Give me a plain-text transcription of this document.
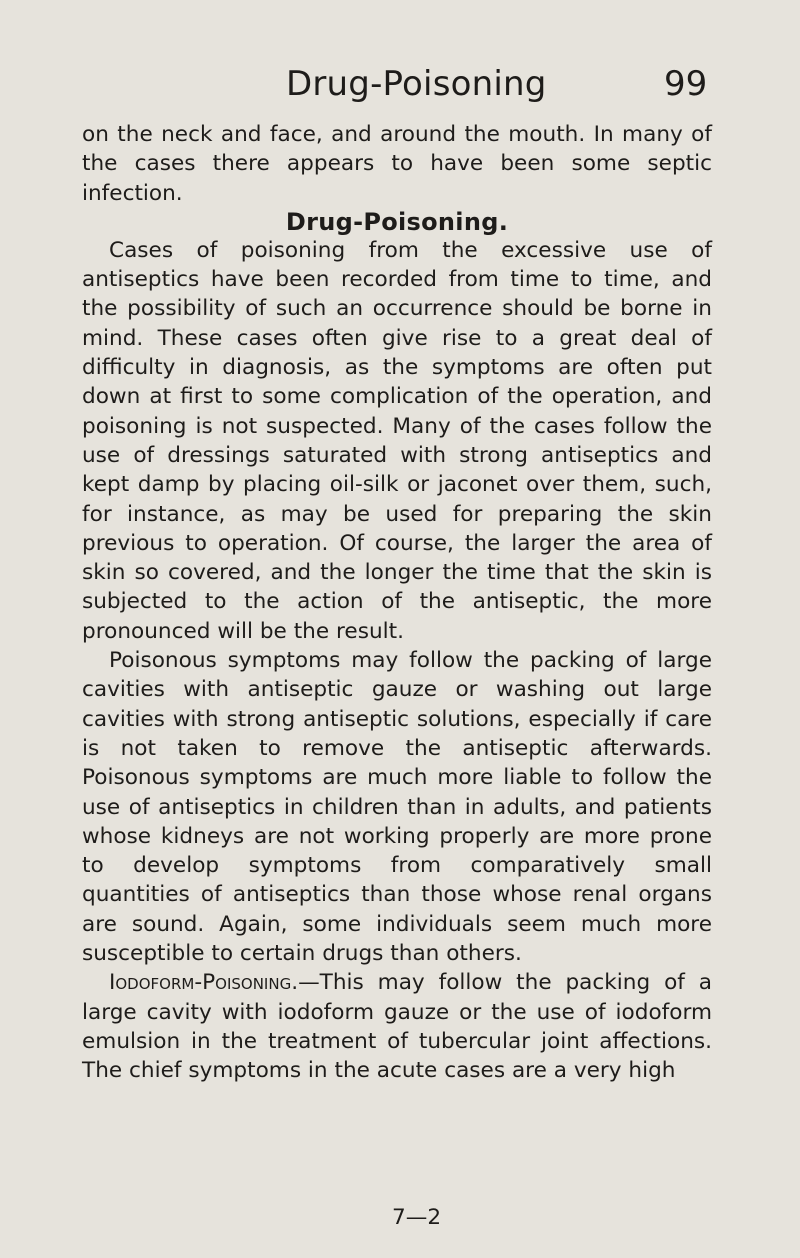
Drug-Poisoning	99

on the neck and face, and around the mouth. In many of the cases there appears to have been some septic infection.

Drug-Poisoning.

Cases of poisoning from the excessive use of antiseptics have been recorded from time to time, and the possibility of such an occurrence should be borne in mind. These cases often give rise to a great deal of difficulty in diagnosis, as the symptoms are often put down at first to some complication of the operation, and poisoning is not suspected. Many of the cases follow the use of dressings saturated with strong antiseptics and kept damp by placing oil-silk or jaconet over them, such, for instance, as may be used for preparing the skin previous to operation. Of course, the larger the area of skin so covered, and the longer the time that the skin is subjected to the action of the antiseptic, the more pronounced will be the result.

Poisonous symptoms may follow the packing of large cavities with antiseptic gauze or washing out large cavities with strong antiseptic solutions, especially if care is not taken to remove the antiseptic afterwards. Poisonous symptoms are much more liable to follow the use of antiseptics in children than in adults, and patients whose kidneys are not working properly are more prone to develop symptoms from comparatively small quantities of antiseptics than those whose renal organs are sound. Again, some individuals seem much more susceptible to certain drugs than others.

Iodoform-Poisoning.—This may follow the packing of a large cavity with iodoform gauze or the use of iodoform emulsion in the treatment of tubercular joint affections. The chief symptoms in the acute cases are a very high

7—2
